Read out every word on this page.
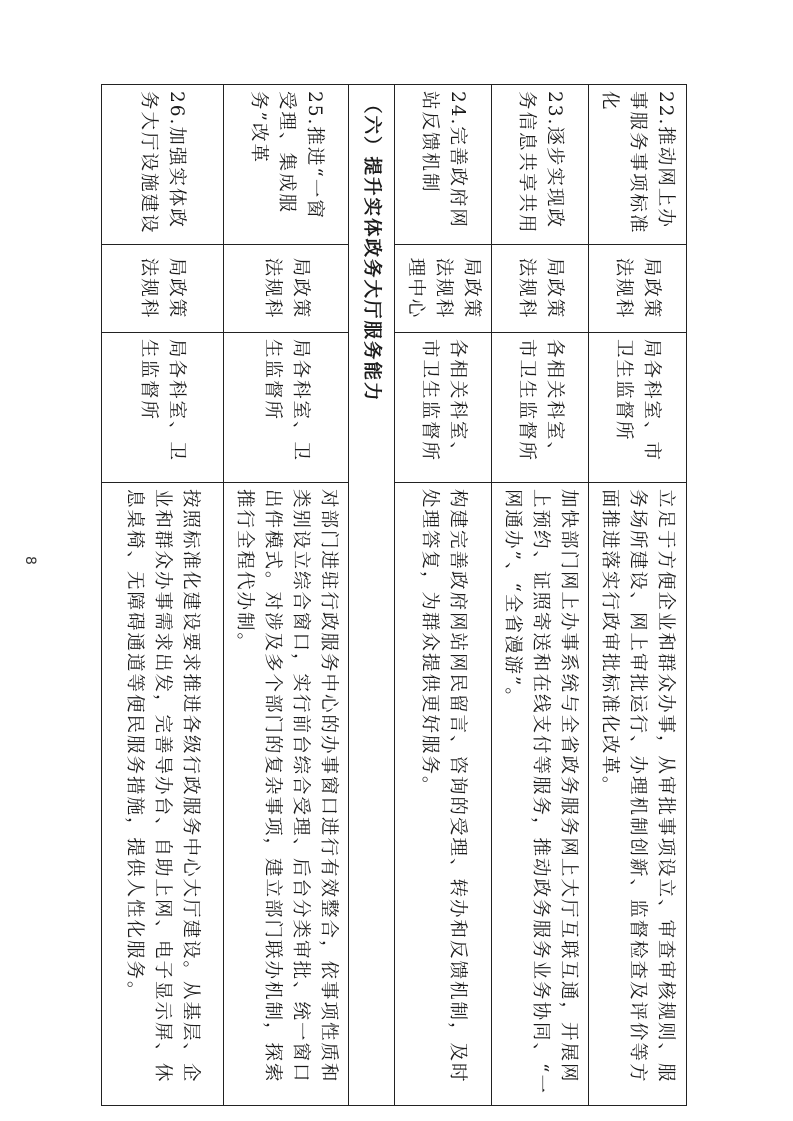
22.推动网上办事服务事项标准化	局政策法规科	局各科室、市卫生监督所	立足于方便企业和群众办事，从审批事项设立、审查审核规则、服务场所建设、网上审批运行、办理机制创新、监督检查及评价等方面推进落实行政审批标准化改革。
23.逐步实现政务信息共享共用	局政策法规科	各相关科室、市卫生监督所	加快部门网上办事系统与全省政务服务网上大厅互联互通，开展网上预约、证照寄送和在线支付等服务，推动政务服务业务协同、“一网通办”、“全省漫游”。
24.完善政府网站反馈机制	局政策法规科理中心	各相关科室、市卫生监督所	构建完善政府网站网民留言、咨询的受理、转办和反馈机制，及时处理答复，为群众提供更好服务。
（六）提升实体政务大厅服务能力			
25.推进“一窗受理、集成服务”改革	局政策法规科	局各科室、卫生监督所	对部门进驻行政服务中心的办事窗口进行有效整合，依事项性质和类别设立综合窗口，实行前台综合受理、后台分类审批、统一窗口出件模式。对涉及多个部门的复杂事项，建立部门联办机制，探索推行全程代办制。
26.加强实体政务大厅设施建设	局政策法规科	局各科室、卫生监督所	按照标准化建设要求推进各级行政服务中心大厅建设。从基层、企业和群众办事需求出发，完善导办台、自助上网、电子显示屏、休息桌椅、无障碍通道等便民服务措施，提供人性化服务。
8
